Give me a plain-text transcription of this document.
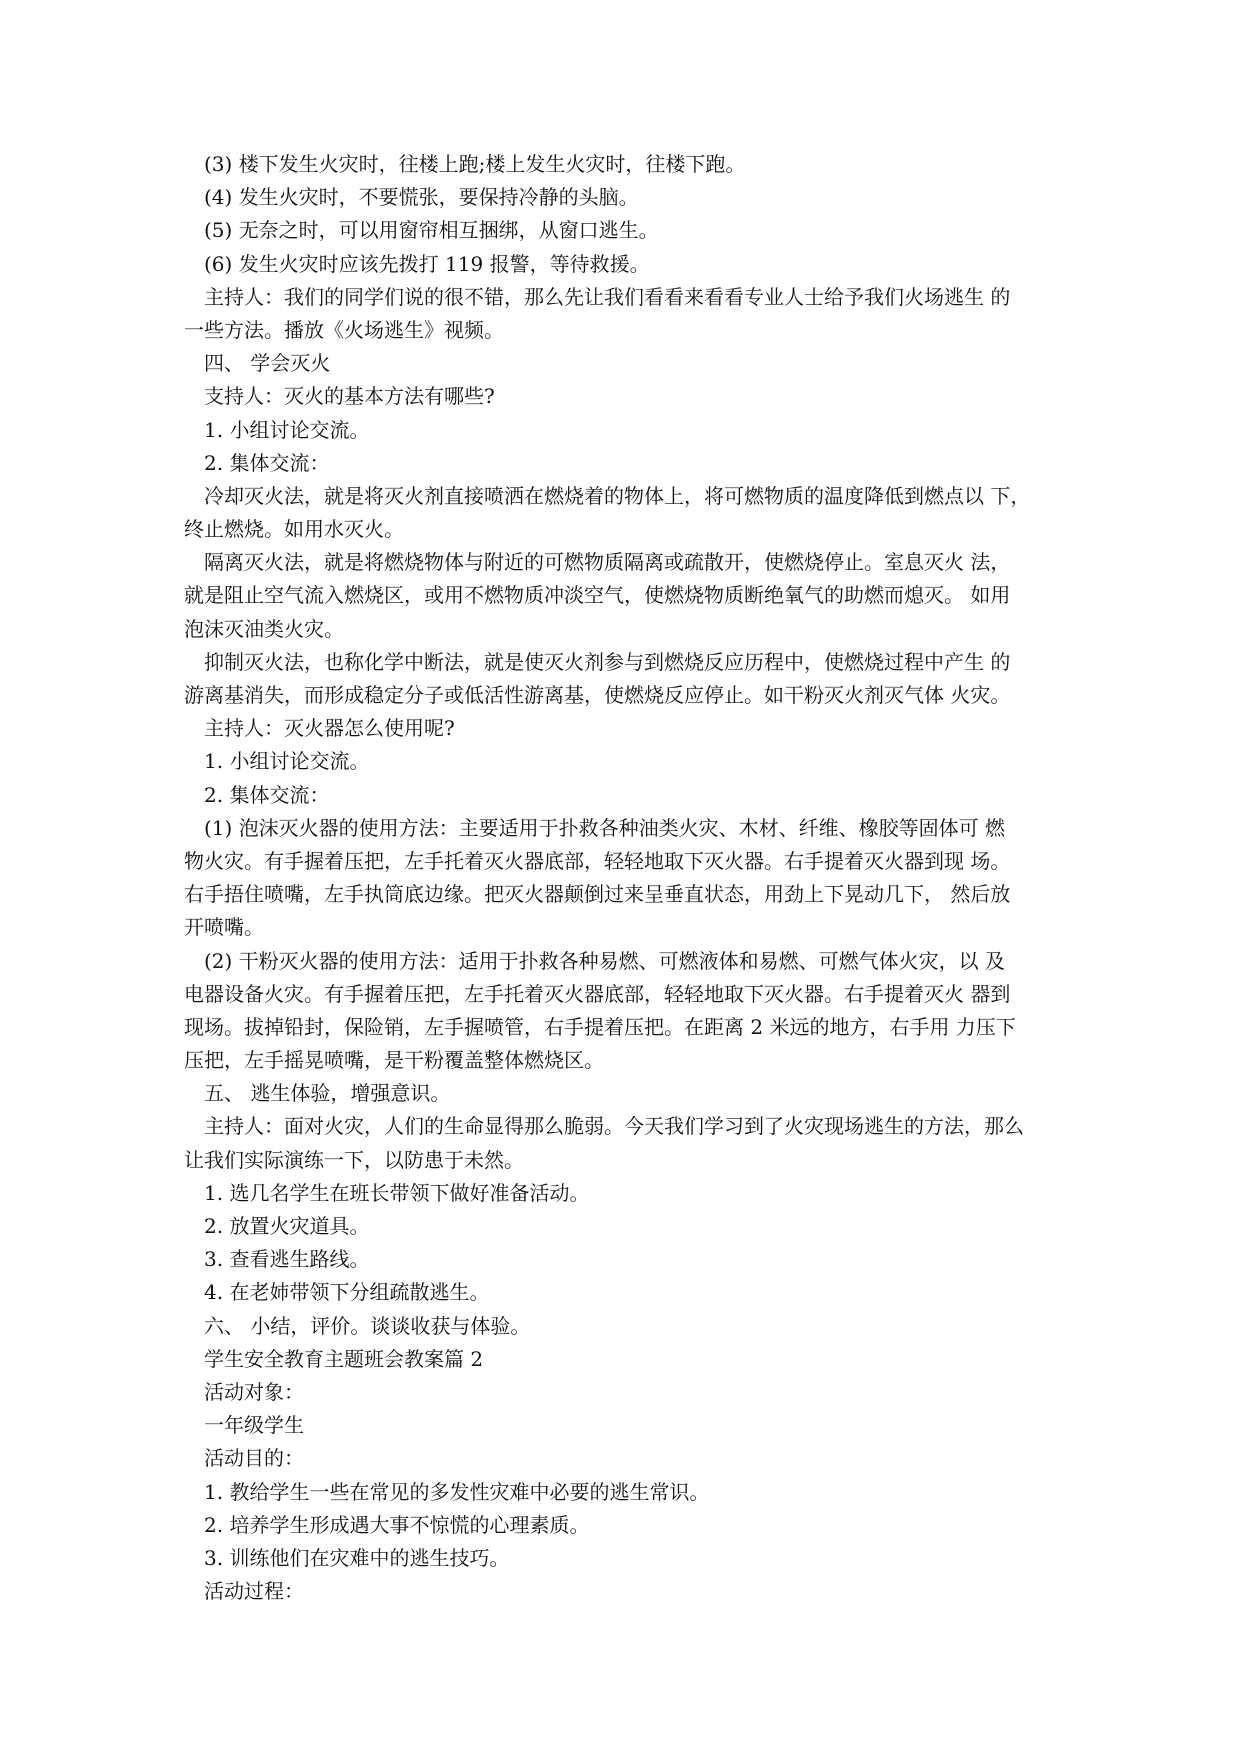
(3) 楼下发生火灾时，往楼上跑;楼上发生火灾时，往楼下跑。

(4) 发生火灾时，不要慌张，要保持冷静的头脑。

(5) 无奈之时，可以用窗帘相互捆绑，从窗口逃生。

(6) 发生火灾时应该先拨打 119 报警，等待救援。

主持人：我们的同学们说的很不错，那么先让我们看看来看看专业人士给予我们火场逃生 的

一些方法。播放《火场逃生》视频。

四、 学会灭火

支持人：灭火的基本方法有哪些?

1. 小组讨论交流。

2. 集体交流：

冷却灭火法，就是将灭火剂直接喷洒在燃烧着的物体上，将可燃物质的温度降低到燃点以 下，

终止燃烧。如用水灭火。

隔离灭火法，就是将燃烧物体与附近的可燃物质隔离或疏散开，使燃烧停止。室息灭火 法，

就是阻止空气流入燃烧区，或用不燃物质冲淡空气，使燃烧物质断绝氧气的助燃而熄灭。 如用

泡沫灭油类火灾。

抑制灭火法，也称化学中断法，就是使灭火剂参与到燃烧反应历程中，使燃烧过程中产生 的

游离基消失，而形成稳定分子或低活性游离基，使燃烧反应停止。如干粉灭火剂灭气体 火灾。

主持人：灭火器怎么使用呢?

1. 小组讨论交流。

2. 集体交流：

(1) 泡沫灭火器的使用方法：主要适用于扑救各种油类火灾、木材、纤维、橡胶等固体可 燃

物火灾。有手握着压把，左手托着灭火器底部，轻轻地取下灭火器。右手提着灭火器到现 场。

右手捂住喷嘴，左手执筒底边缘。把灭火器颠倒过来呈垂直状态，用劲上下晃动几下， 然后放

开喷嘴。

(2) 干粉灭火器的使用方法：适用于扑救各种易燃、可燃液体和易燃、可燃气体火灾，以 及

电器设备火灾。有手握着压把，左手托着灭火器底部，轻轻地取下灭火器。右手提着灭火 器到

现场。拔掉铅封，保险销，左手握喷管，右手提着压把。在距离 2 米远的地方，右手用 力压下

压把，左手摇晃喷嘴，是干粉覆盖整体燃烧区。

五、 逃生体验，增强意识。

主持人：面对火灾，人们的生命显得那么脆弱。今天我们学习到了火灾现场逃生的方法，那么

让我们实际演练一下，以防患于未然。

1. 选几名学生在班长带领下做好准备活动。

2. 放置火灾道具。

3. 查看逃生路线。

4. 在老姉带领下分组疏散逃生。

六、 小结，评价。谈谈收获与体验。

学生安全教育主题班会教案篇 2

活动对象：

一年级学生

活动目的：

1. 教给学生一些在常见的多发性灾难中必要的逃生常识。

2. 培养学生形成遇大事不惊慌的心理素质。

3. 训练他们在灾难中的逃生技巧。

活动过程：
